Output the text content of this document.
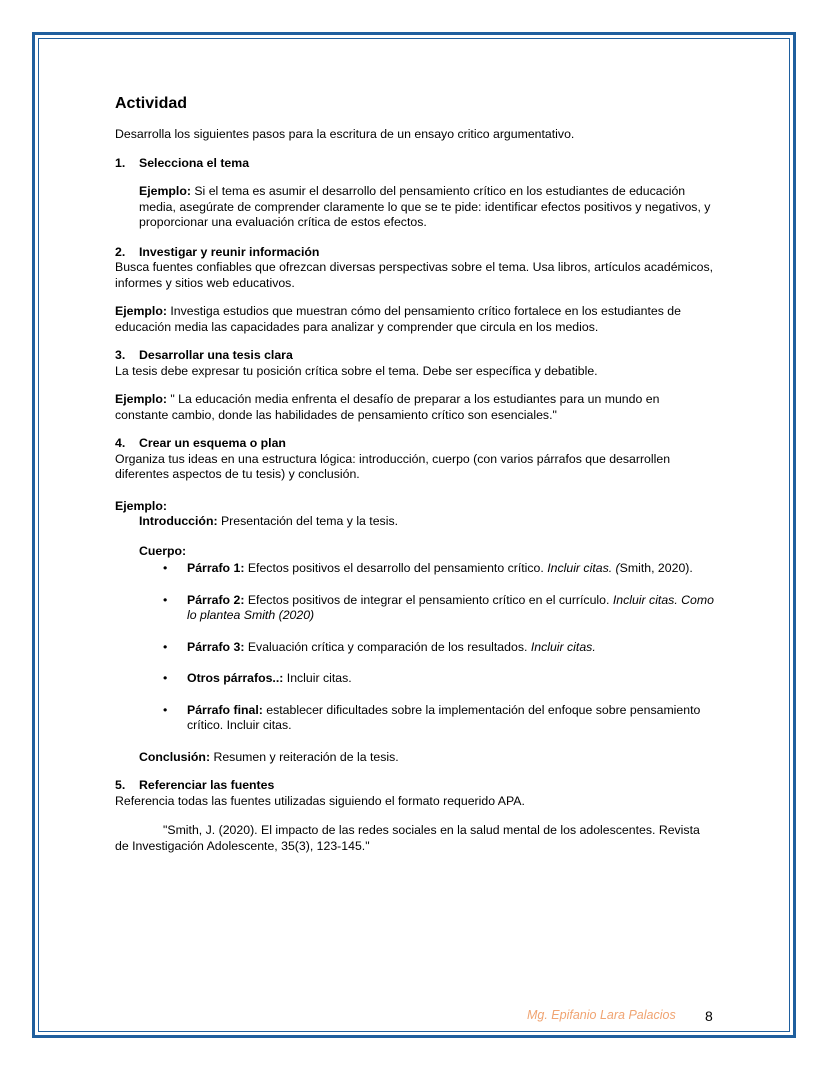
Actividad

Desarrolla los siguientes pasos para la escritura de un ensayo critico argumentativo.

1. Selecciona el tema

Ejemplo: Si el tema es asumir el desarrollo del pensamiento crítico en los estudiantes de educación media, asegúrate de comprender claramente lo que se te pide: identificar efectos positivos y negativos, y proporcionar una evaluación crítica de estos efectos.

2. Investigar y reunir información

Busca fuentes confiables que ofrezcan diversas perspectivas sobre el tema. Usa libros, artículos académicos, informes y sitios web educativos.

Ejemplo: Investiga estudios que muestran cómo del pensamiento crítico fortalece en los estudiantes de educación media las capacidades para analizar y comprender que circula en los medios.

3. Desarrollar una tesis clara

La tesis debe expresar tu posición crítica sobre el tema. Debe ser específica y debatible.

Ejemplo: " La educación media enfrenta el desafío de preparar a los estudiantes para un mundo en constante cambio, donde las habilidades de pensamiento crítico son esenciales."

4. Crear un esquema o plan

Organiza tus ideas en una estructura lógica: introducción, cuerpo (con varios párrafos que desarrollen diferentes aspectos de tu tesis) y conclusión.

Ejemplo:

Introducción: Presentación del tema y la tesis.

Cuerpo:

• Párrafo 1: Efectos positivos el desarrollo del pensamiento crítico. Incluir citas. (Smith, 2020).
• Párrafo 2: Efectos positivos de integrar el pensamiento crítico en el currículo. Incluir citas. Como lo plantea Smith (2020)
• Párrafo 3: Evaluación crítica y comparación de los resultados. Incluir citas.
• Otros párrafos..: Incluir citas.
• Párrafo final: establecer dificultades sobre la implementación del enfoque sobre pensamiento crítico. Incluir citas.

Conclusión: Resumen y reiteración de la tesis.

5. Referenciar las fuentes

Referencia todas las fuentes utilizadas siguiendo el formato requerido APA.

"Smith, J. (2020). El impacto de las redes sociales en la salud mental de los adolescentes. Revista de Investigación Adolescente, 35(3), 123-145."

Mg. Epifanio Lara Palacios 8
